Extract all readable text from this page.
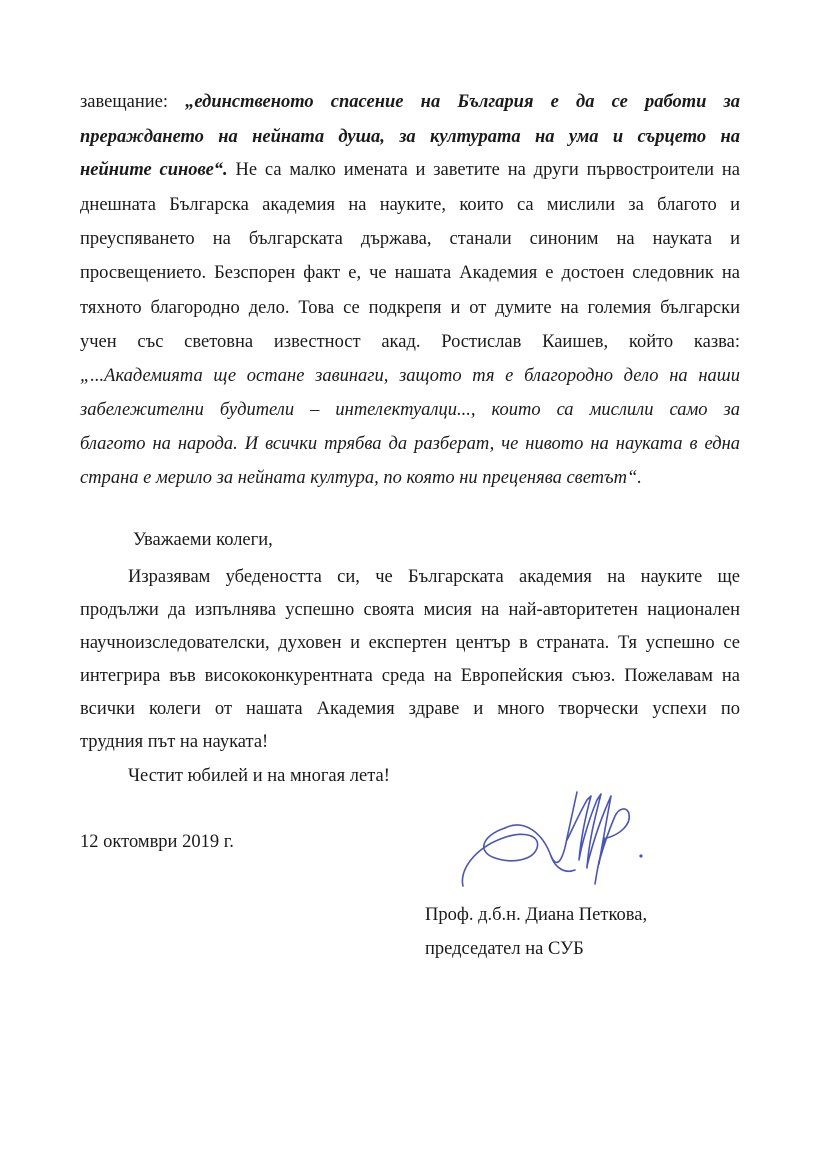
завещание: „единственото спасение на България е да се работи за
прераждането на нейната душа, за културата на ума и сърцето на
нейните синове“. Не са малко имената и заветите на други първостроители на
днешната Българска академия на науките, които са мислили за благото и
преуспяването на българската държава, станали синоним на науката и
просвещението. Безспорен факт е, че нашата Академия е достоен следовник на
тяхното благородно дело. Това се подкрепя и от думите на големия български
учен със световна известност акад. Ростислав Каишев, който казва:
„...Академията ще остане завинаги, защото тя е благородно дело на наши
забележителни будители – интелектуалци..., които са мислили само за
благото на народа. И всички трябва да разберат, че нивото на науката в една
страна е мерило за нейната култура, по която ни преценява светът“.
Уважаеми колеги,
Изразявам убедеността си, че Българската академия на науките ще
продължи да изпълнява успешно своята мисия на най-авторитетен национален
научноизследователски, духовен и експертен център в страната. Тя успешно се
интегрира във висококонкурентната среда на Европейския съюз. Пожелавам на
всички колеги от нашата Академия здраве и много творчески успехи по
трудния път на науката!
Честит юбилей и на многая лета!
12 октомври 2019 г.
Проф. д.б.н. Диана Петкова,
председател на СУБ
